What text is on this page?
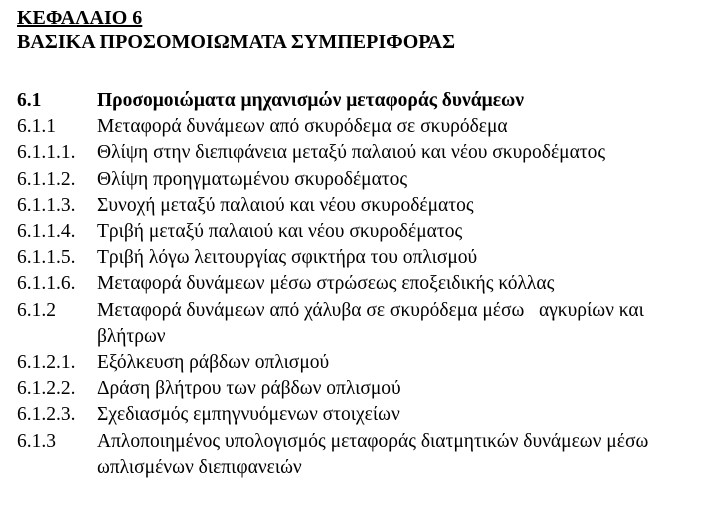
ΚΕΦΑΛΑΙΟ 6
ΒΑΣΙΚΑ ΠΡΟΣΟΜΟΙΩΜΑΤΑ ΣΥΜΠΕΡΙΦΟΡΑΣ
6.1	Προσομοιώματα μηχανισμών μεταφοράς δυνάμεων
6.1.1	Μεταφορά δυνάμεων από σκυρόδεμα σε σκυρόδεμα
6.1.1.1.	Θλίψη στην διεπιφάνεια μεταξύ παλαιού και νέου σκυροδέματος
6.1.1.2.	Θλίψη προηγματωμένου σκυροδέματος
6.1.1.3.	Συνοχή μεταξύ παλαιού και νέου σκυροδέματος
6.1.1.4.	Τριβή μεταξύ παλαιού και νέου σκυροδέματος
6.1.1.5.	Τριβή λόγω λειτουργίας σφικτήρα του οπλισμού
6.1.1.6.	Μεταφορά δυνάμεων μέσω στρώσεως εποξειδικής κόλλας
6.1.2	Μεταφορά δυνάμεων από χάλυβα σε σκυρόδεμα μέσω   αγκυρίων και βλήτρων
6.1.2.1.	Εξόλκευση ράβδων οπλισμού
6.1.2.2.	Δράση βλήτρου των ράβδων οπλισμού
6.1.2.3.	Σχεδιασμός εμπηγνυόμενων στοιχείων
6.1.3	Απλοποιημένος υπολογισμός μεταφοράς διατμητικών δυνάμεων μέσω ωπλισμένων διεπιφανειών
